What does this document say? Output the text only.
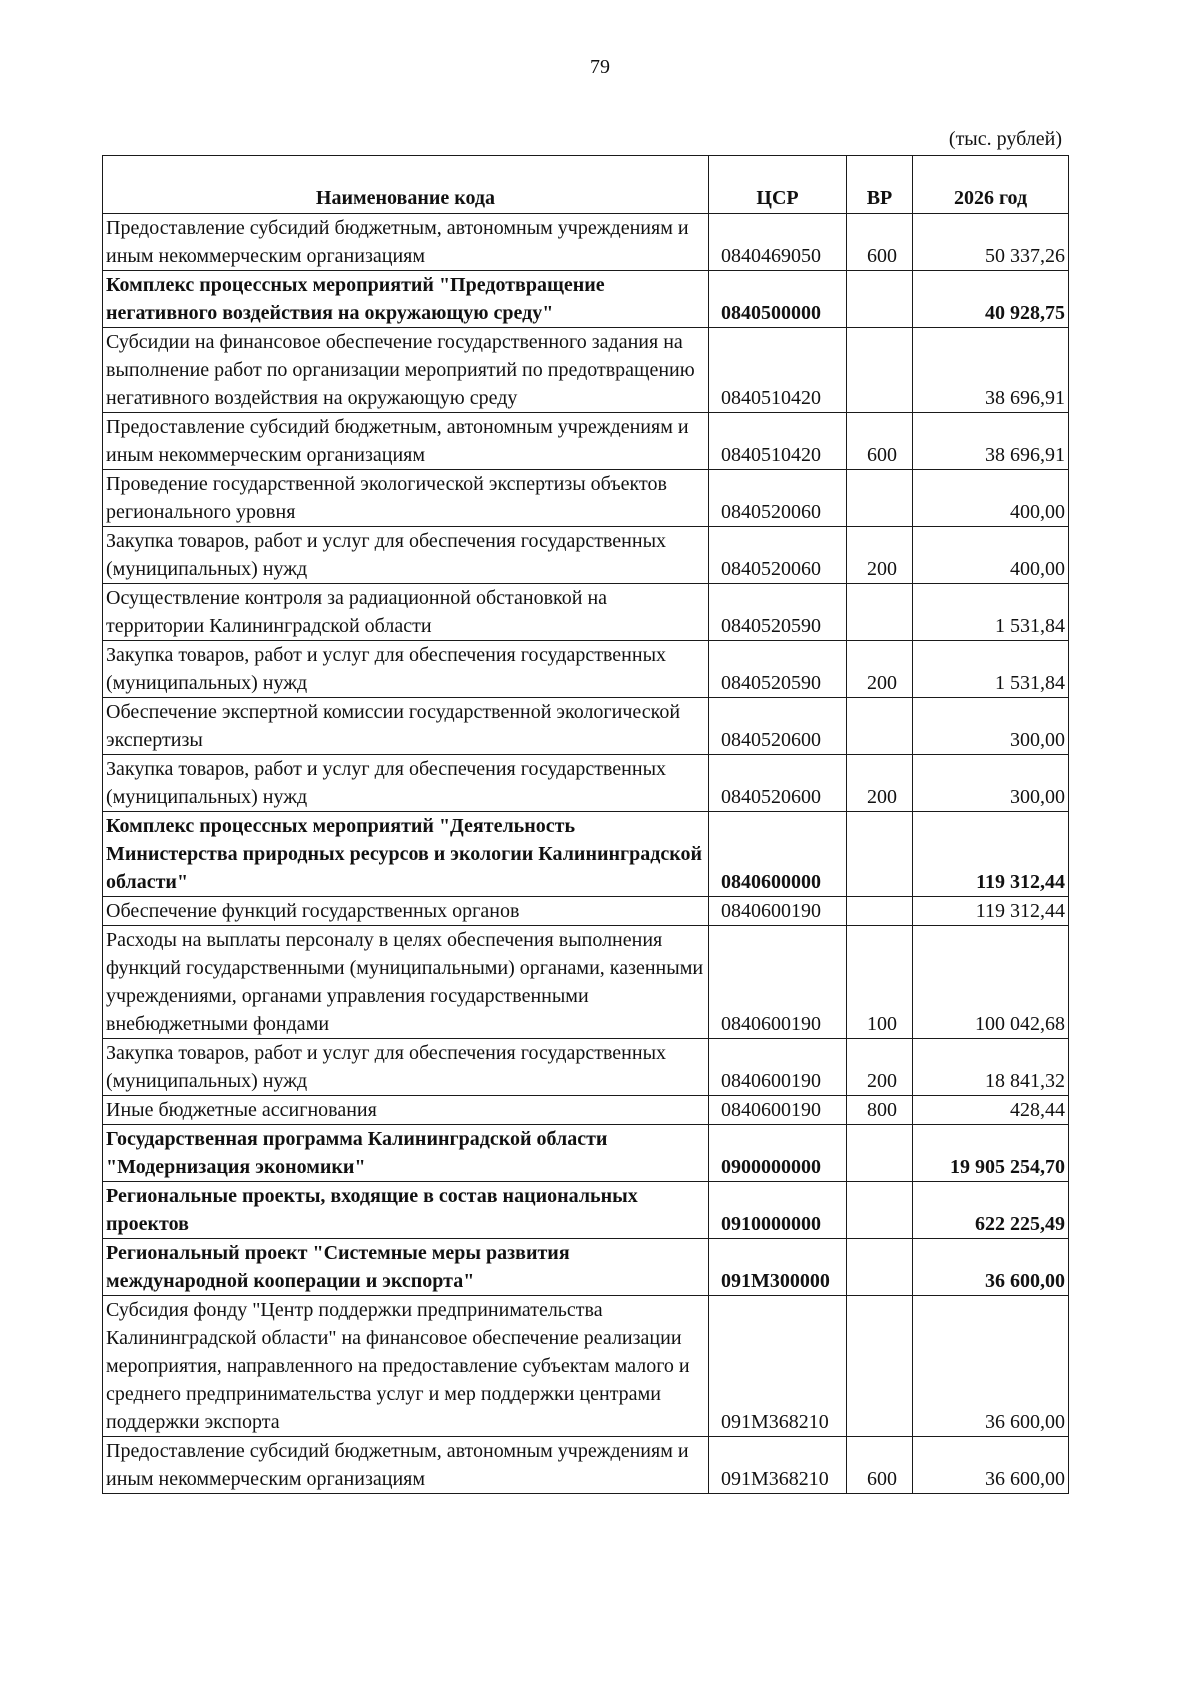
79
(тыс. рублей)
Наименование кода	ЦСР	ВР	2026 год
Предоставление субсидий бюджетным, автономным учреждениям и иным некоммерческим организациям	0840469050	600	50 337,26
Комплекс процессных мероприятий "Предотвращение негативного воздействия на окружающую среду"	0840500000		40 928,75
Субсидии на финансовое обеспечение государственного задания на выполнение работ по организации мероприятий по предотвращению негативного воздействия на окружающую среду	0840510420		38 696,91
Предоставление субсидий бюджетным, автономным учреждениям и иным некоммерческим организациям	0840510420	600	38 696,91
Проведение государственной экологической экспертизы объектов регионального уровня	0840520060		400,00
Закупка товаров, работ и услуг для обеспечения государственных (муниципальных) нужд	0840520060	200	400,00
Осуществление контроля за радиационной обстановкой на территории Калининградской области	0840520590		1 531,84
Закупка товаров, работ и услуг для обеспечения государственных (муниципальных) нужд	0840520590	200	1 531,84
Обеспечение экспертной комиссии государственной экологической экспертизы	0840520600		300,00
Закупка товаров, работ и услуг для обеспечения государственных (муниципальных) нужд	0840520600	200	300,00
Комплекс процессных мероприятий "Деятельность Министерства природных ресурсов и экологии Калининградской области"	0840600000		119 312,44
Обеспечение функций государственных органов	0840600190		119 312,44
Расходы на выплаты персоналу в целях обеспечения выполнения функций государственными (муниципальными) органами, казенными учреждениями, органами управления государственными внебюджетными фондами	0840600190	100	100 042,68
Закупка товаров, работ и услуг для обеспечения государственных (муниципальных) нужд	0840600190	200	18 841,32
Иные бюджетные ассигнования	0840600190	800	428,44
Государственная программа Калининградской области "Модернизация экономики"	0900000000		19 905 254,70
Региональные проекты, входящие в состав национальных проектов	0910000000		622 225,49
Региональный проект "Системные меры развития международной кооперации и экспорта"	091М300000		36 600,00
Субсидия фонду "Центр поддержки предпринимательства Калининградской области" на финансовое обеспечение реализации мероприятия, направленного на предоставление субъектам малого и среднего предпринимательства услуг и мер поддержки центрами поддержки экспорта	091М368210		36 600,00
Предоставление субсидий бюджетным, автономным учреждениям и иным некоммерческим организациям	091М368210	600	36 600,00
